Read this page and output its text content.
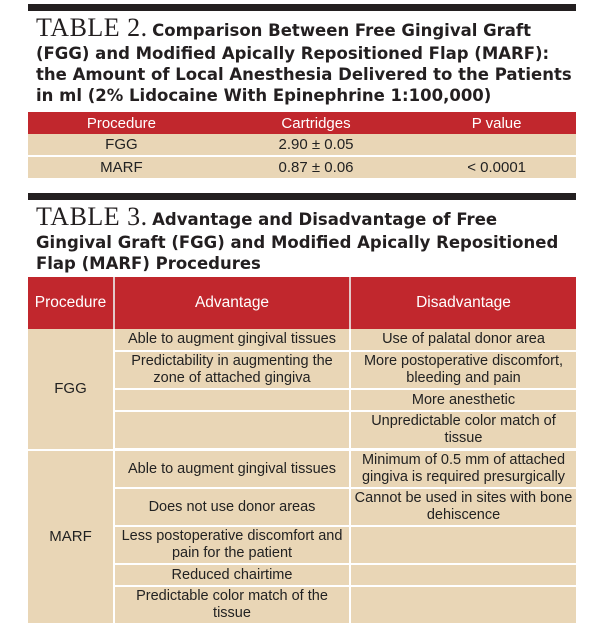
TABLE 2. Comparison Between Free Gingival Graft (FGG) and Modified Apically Repositioned Flap (MARF): the Amount of Local Anesthesia Delivered to the Patients in ml (2% Lidocaine With Epinephrine 1:100,000)
Procedure	Cartridges	P value
FGG	2.90 ± 0.05	
MARF	0.87 ± 0.06	< 0.0001
TABLE 3. Advantage and Disadvantage of Free Gingival Graft (FGG) and Modified Apically Repositioned Flap (MARF) Procedures
Procedure	Advantage	Disadvantage
FGG	Able to augment gingival tissues	Use of palatal donor area
	Predictability in augmenting the zone of attached gingiva	More postoperative discomfort, bleeding and pain
		More anesthetic
		Unpredictable color match of tissue
MARF	Able to augment gingival tissues	Minimum of 0.5 mm of attached gingiva is required presurgically
	Does not use donor areas	Cannot be used in sites with bone dehiscence
	Less postoperative discomfort and pain for the patient	
	Reduced chairtime	
	Predictable color match of the tissue	
